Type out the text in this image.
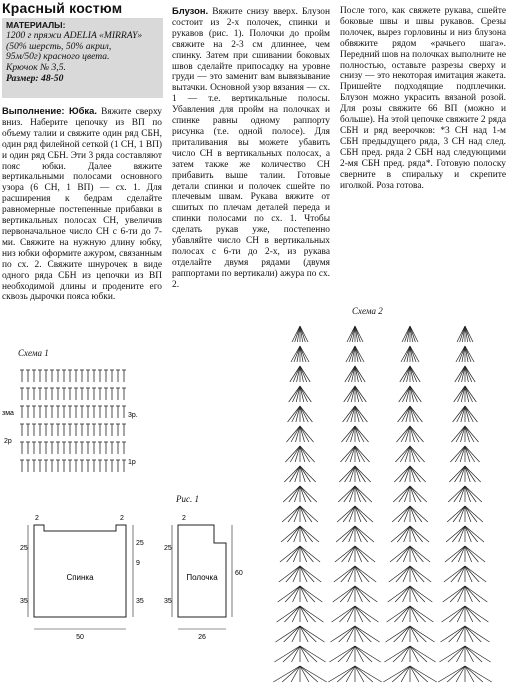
Красный костюм
МАТЕРИАЛЫ:
1200 г пряжи ADELIA «MIRRAY»
(50% шерсть, 50% акрил,
95м/50г) красного цвета.
Крючок № 3,5.
Размер: 48-50

Выполнение: Юбка. Вяжите сверху вниз. Наберите цепочку из ВП по объему талии и свяжите один ряд СБН, один ряд филейной сеткой (1 СН, 1 ВП) и один ряд СБН. Эти 3 ряда составляют пояс юбки. Далее вяжите вертикальными полосами основного узора (6 СН, 1 ВП) — сх. 1. Для расширения к бедрам сделайте равномерные постепенные прибавки в вертикальных полосах СН, увеличив первоначальное число СН с 6-ти до 7-ми. Свяжите на нужную длину юбку, низ юбки оформите ажуром, связанным по сх. 2. Свяжите шнурочек в виде одного ряда СБН из цепочки из ВП необходимой длины и продените его сквозь дырочки пояса юбки.

Блузон. Вяжите снизу вверх. Блузон состоит из 2-х полочек, спинки и рукавов (рис. 1). Полочки до пройм свяжите на 2-3 см длиннее, чем спинку. Затем при сшивании боковых швов сделайте припосадку на уровне груди — это заменит вам вывязывание вытачки. Основной узор вязания — сх. 1 — т.е. вертикальные полосы. Убавления для пройм на полочках и спинке равны одному раппорту рисунка (т.е. одной полосе). Для приталивания вы можете убавить число СН в вертикальных полосах, а затем также же количество СН прибавить выше талии. Готовые детали спинки и полочек сшейте по плечевым швам. Рукава вяжите от сшитых по плечам деталей переда и спинки полосами по сх. 1. Чтобы сделать рукав уже, постепенно убавляйте число СН в вертикальных полосах с 6-ти до 2-х, из рукава отделайте двумя рядами (двумя раппортами по вертикали) ажура по сх. 2.

После того, как свяжете рукава, сшейте боковые швы и швы рукавов. Срезы полочек, вырез горловины и низ блузона обвяжите рядом «рачьего шага». Передний шов на полочках выполните не полностью, оставьте разрезы сверху и снизу — это некоторая имитация жакета. Пришейте подходящие подплечики. Блузон можно украсить вязаной розой. Для розы свяжите 66 ВП (можно и больше). На этой цепочке свяжите 2 ряда СБН и ряд веерочков: *3 СН над 1-м СБН предыдущего ряда, 3 СН над след. СБН пред. ряда 2 СБН над следующими 2-мя СБН пред. ряда*. Готовую полоску сверните в спиральку и скрепите иголкой. Роза готова.

Схема 1
зма	3р.
2р
1р
Рис. 1
Спинка	Полочка
2	2
25
35
25
9
35
50
2
25
35
60
26
Схема 2
